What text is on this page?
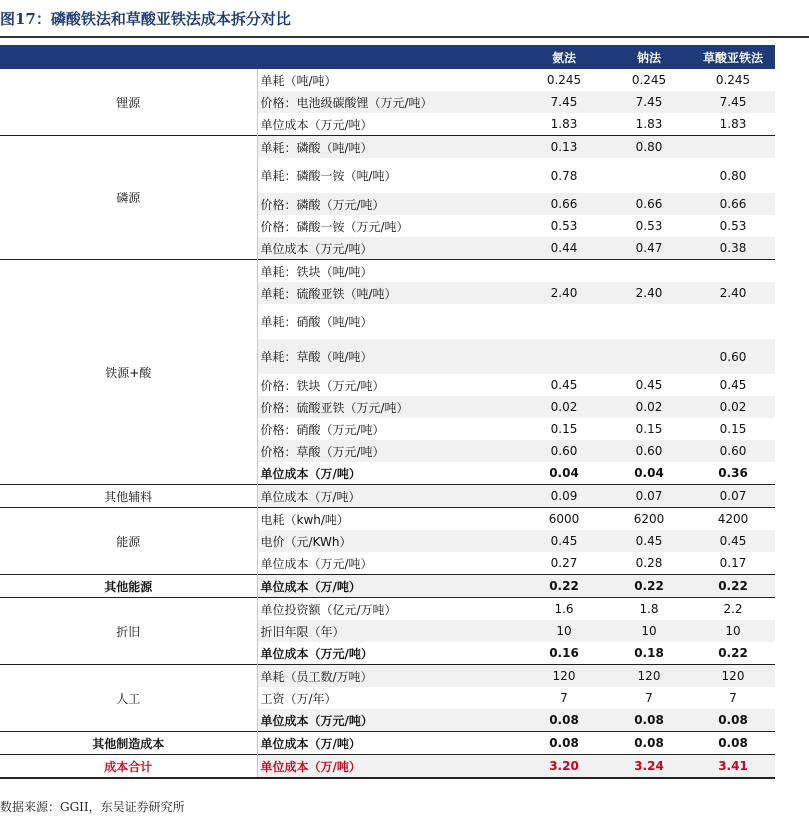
图17：磷酸铁法和草酸亚铁法成本拆分对比
		氨法	钠法	草酸亚铁法
锂源	单耗（吨/吨）	0.245	0.245	0.245
	价格：电池级碳酸锂（万元/吨）	7.45	7.45	7.45
	单位成本（万元/吨）	1.83	1.83	1.83
磷源	单耗：磷酸（吨/吨）	0.13	0.80	
	单耗：磷酸一铵（吨/吨）	0.78		0.80
	价格：磷酸（万元/吨）	0.66	0.66	0.66
	价格：磷酸一铵（万元/吨）	0.53	0.53	0.53
	单位成本（万元/吨）	0.44	0.47	0.38
铁源+酸	单耗：铁块（吨/吨）			
	单耗：硫酸亚铁（吨/吨）	2.40	2.40	2.40
	单耗：硝酸（吨/吨）			
	单耗：草酸（吨/吨）			0.60
	价格：铁块（万元/吨）	0.45	0.45	0.45
	价格：硫酸亚铁（万元/吨）	0.02	0.02	0.02
	价格：硝酸（万元/吨）	0.15	0.15	0.15
	价格：草酸（万元/吨）	0.60	0.60	0.60
	单位成本（万/吨）	0.04	0.04	0.36
其他辅料	单位成本（万/吨）	0.09	0.07	0.07
能源	电耗（kwh/吨）	6000	6200	4200
	电价（元/KWh）	0.45	0.45	0.45
	单位成本（万元/吨）	0.27	0.28	0.17
其他能源	单位成本（万/吨）	0.22	0.22	0.22
折旧	单位投资额（亿元/万吨）	1.6	1.8	2.2
	折旧年限（年）	10	10	10
	单位成本（万元/吨）	0.16	0.18	0.22
人工	单耗（员工数/万吨）	120	120	120
	工资（万/年）	7	7	7
	单位成本（万元/吨）	0.08	0.08	0.08
其他制造成本	单位成本（万/吨）	0.08	0.08	0.08
成本合计	单位成本（万/吨）	3.20	3.24	3.41
数据来源：GGII，东吴证券研究所
